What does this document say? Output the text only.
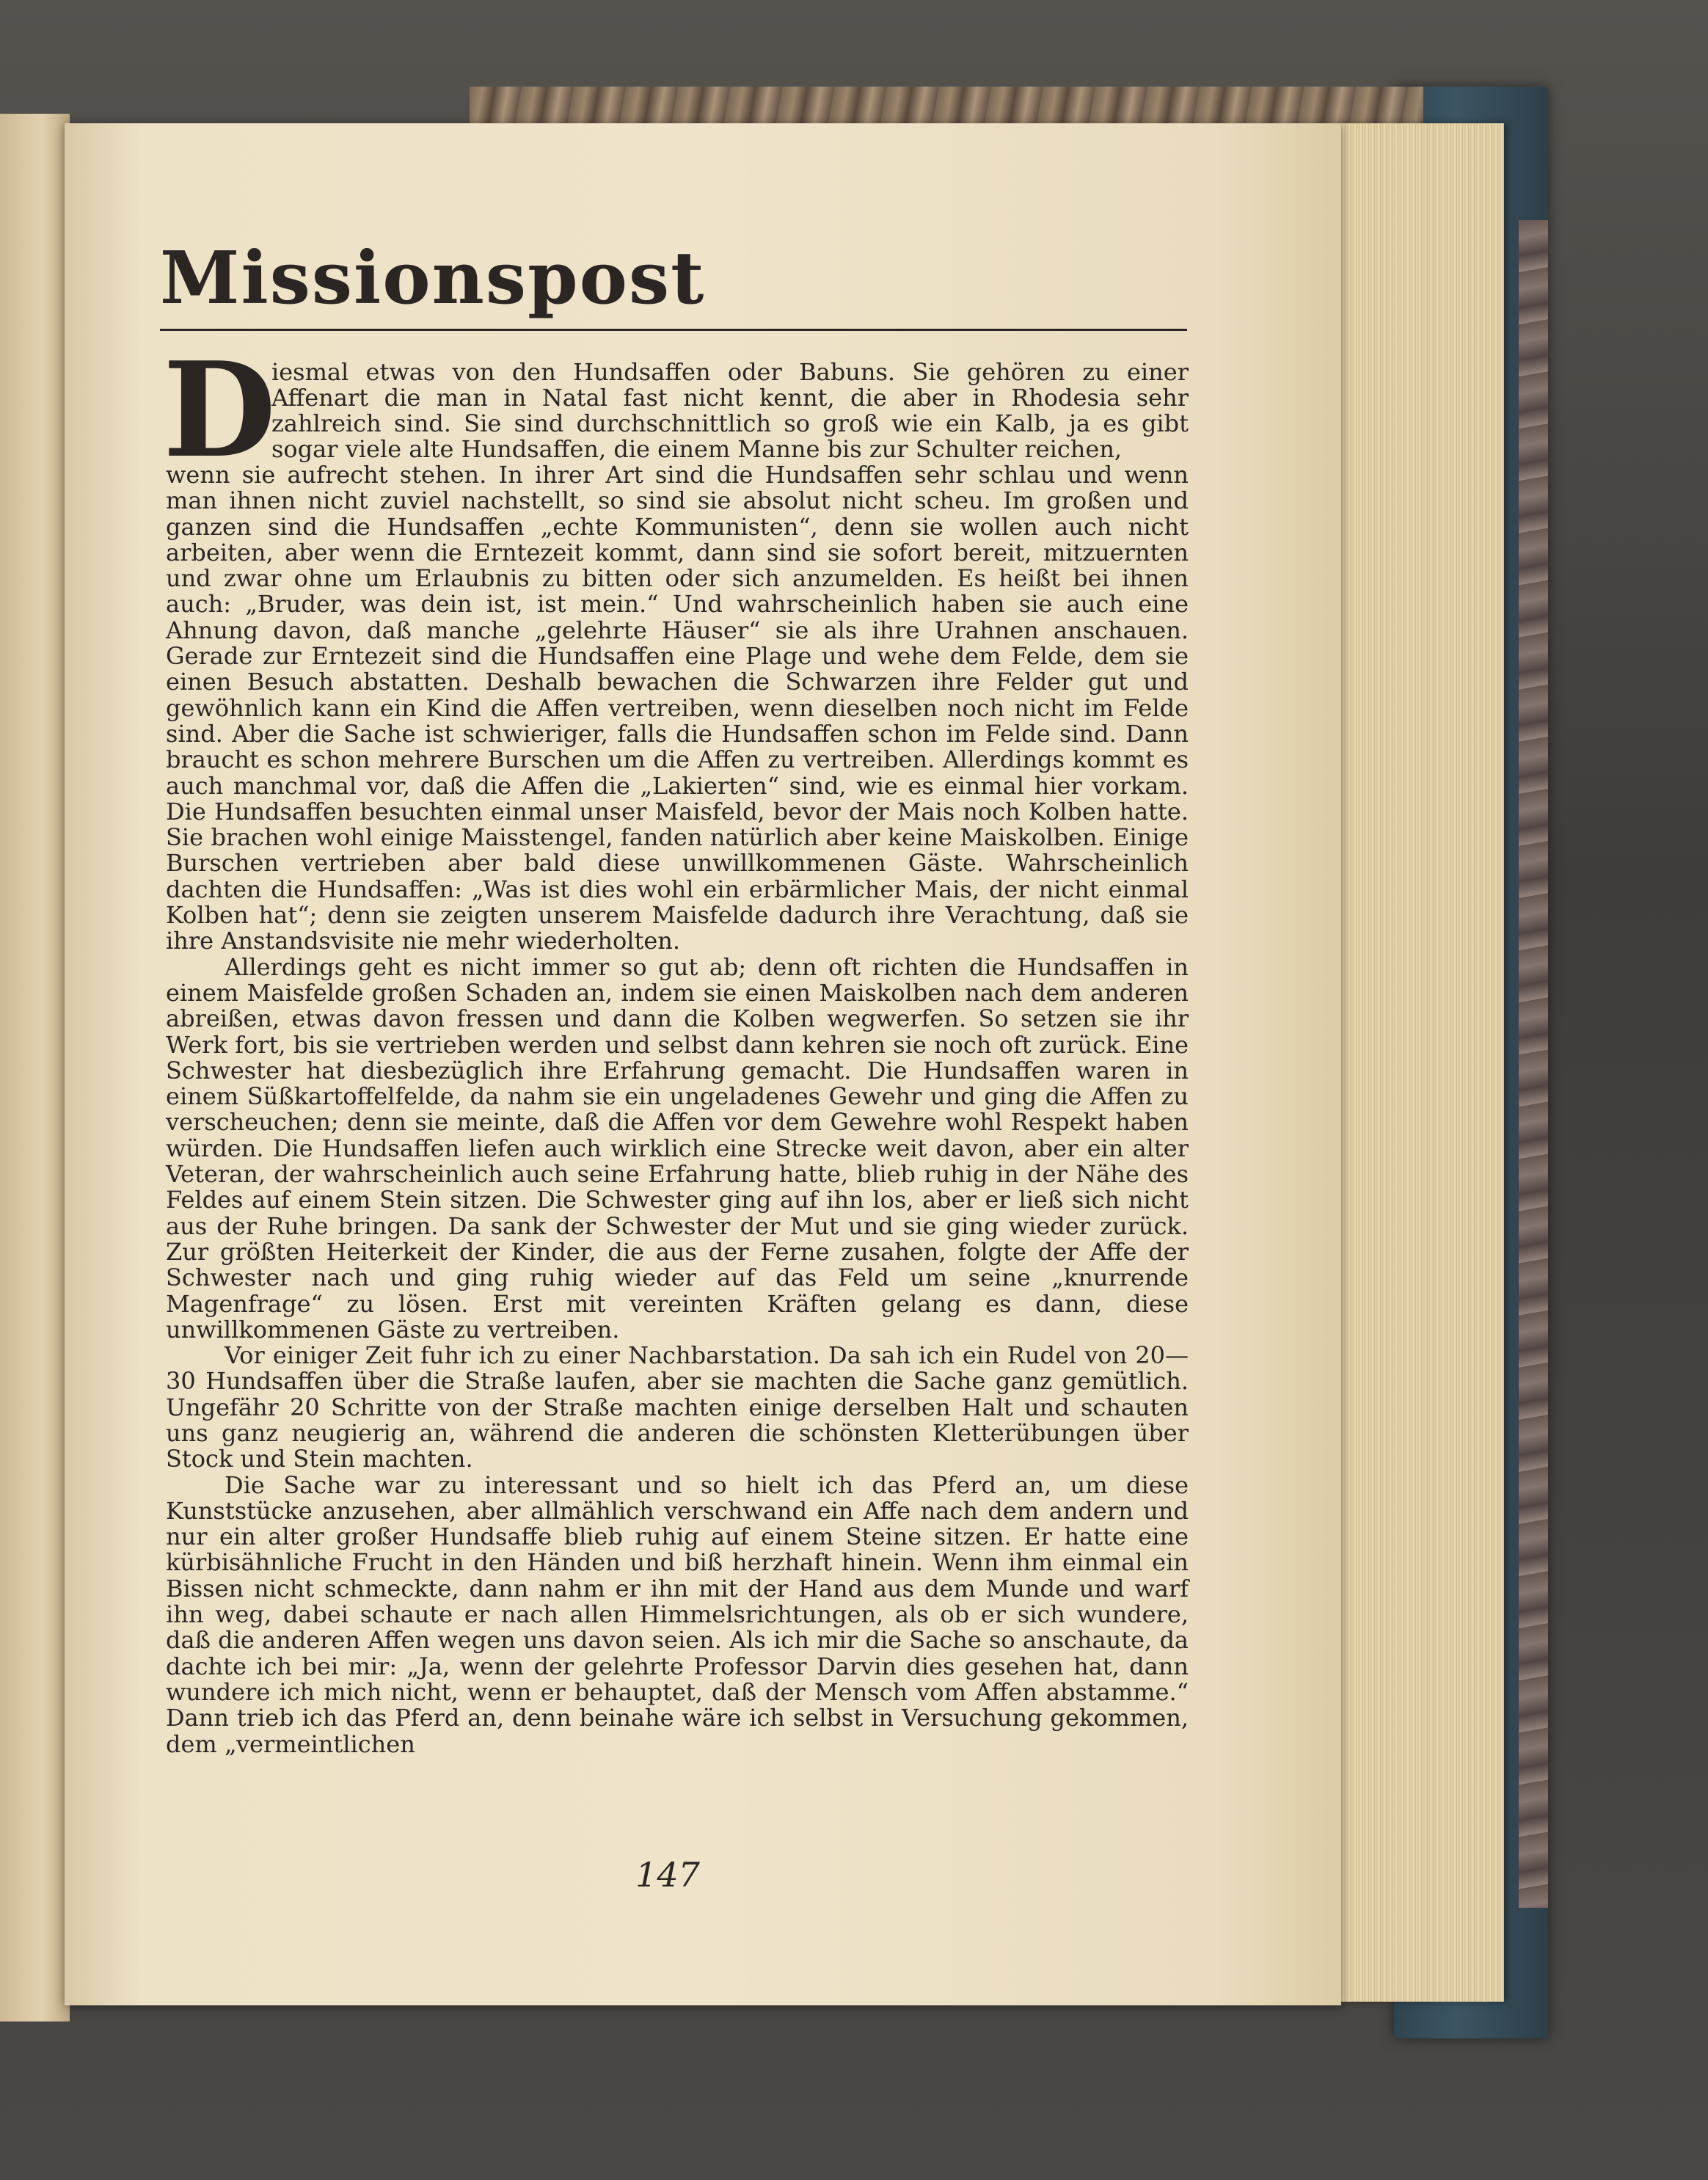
Missionspost
D
iesmal etwas von den Hundsaffen oder Babuns. Sie gehören zu einer Affenart die man in Natal fast nicht kennt, die aber in Rhodesia sehr zahlreich sind. Sie sind durchschnittlich so groß wie ein Kalb, ja es gibt sogar viele alte Hundsaffen, die einem Manne bis zur Schulter reichen,

wenn sie aufrecht stehen. In ihrer Art sind die Hundsaffen sehr schlau und wenn man ihnen nicht zuviel nachstellt, so sind sie absolut nicht scheu. Im großen und ganzen sind die Hundsaffen „echte Kommunisten“, denn sie wollen auch nicht arbeiten, aber wenn die Erntezeit kommt, dann sind sie sofort bereit, mitzuernten und zwar ohne um Erlaubnis zu bitten oder sich anzumelden. Es heißt bei ihnen auch: „Bruder, was dein ist, ist mein.“ Und wahrscheinlich haben sie auch eine Ahnung davon, daß manche „gelehrte Häuser“ sie als ihre Urahnen anschauen. Gerade zur Erntezeit sind die Hundsaffen eine Plage und wehe dem Felde, dem sie einen Besuch abstatten. Deshalb bewachen die Schwarzen ihre Felder gut und gewöhnlich kann ein Kind die Affen vertreiben, wenn dieselben noch nicht im Felde sind. Aber die Sache ist schwieriger, falls die Hundsaffen schon im Felde sind. Dann braucht es schon mehrere Burschen um die Affen zu vertreiben. Allerdings kommt es auch manchmal vor, daß die Affen die „Lakierten“ sind, wie es einmal hier vorkam. Die Hundsaffen besuchten einmal unser Maisfeld, bevor der Mais noch Kolben hatte. Sie brachen wohl einige Maisstengel, fanden natürlich aber keine Maiskolben. Einige Burschen vertrieben aber bald diese unwillkommenen Gäste. Wahrscheinlich dachten die Hundsaffen: „Was ist dies wohl ein erbärmlicher Mais, der nicht einmal Kolben hat“; denn sie zeigten unserem Maisfelde dadurch ihre Verachtung, daß sie ihre Anstandsvisite nie mehr wiederholten.

Allerdings geht es nicht immer so gut ab; denn oft richten die Hundsaffen in einem Maisfelde großen Schaden an, indem sie einen Maiskolben nach dem anderen abreißen, etwas davon fressen und dann die Kolben wegwerfen. So setzen sie ihr Werk fort, bis sie vertrieben werden und selbst dann kehren sie noch oft zurück. Eine Schwester hat diesbezüglich ihre Erfahrung gemacht. Die Hundsaffen waren in einem Süßkartoffelfelde, da nahm sie ein ungeladenes Gewehr und ging die Affen zu verscheuchen; denn sie meinte, daß die Affen vor dem Gewehre wohl Respekt haben würden. Die Hundsaffen liefen auch wirklich eine Strecke weit davon, aber ein alter Veteran, der wahrscheinlich auch seine Erfahrung hatte, blieb ruhig in der Nähe des Feldes auf einem Stein sitzen. Die Schwester ging auf ihn los, aber er ließ sich nicht aus der Ruhe bringen. Da sank der Schwester der Mut und sie ging wieder zurück. Zur größten Heiterkeit der Kinder, die aus der Ferne zusahen, folgte der Affe der Schwester nach und ging ruhig wieder auf das Feld um seine „knurrende Magenfrage“ zu lösen. Erst mit vereinten Kräften gelang es dann, diese unwillkommenen Gäste zu vertreiben.

Vor einiger Zeit fuhr ich zu einer Nachbarstation. Da sah ich ein Rudel von 20—30 Hundsaffen über die Straße laufen, aber sie machten die Sache ganz gemütlich. Ungefähr 20 Schritte von der Straße machten einige derselben Halt und schauten uns ganz neugierig an, während die anderen die schönsten Kletterübungen über Stock und Stein machten.

Die Sache war zu interessant und so hielt ich das Pferd an, um diese Kunststücke anzusehen, aber allmählich verschwand ein Affe nach dem andern und nur ein alter großer Hundsaffe blieb ruhig auf einem Steine sitzen. Er hatte eine kürbisähnliche Frucht in den Händen und biß herzhaft hinein. Wenn ihm einmal ein Bissen nicht schmeckte, dann nahm er ihn mit der Hand aus dem Munde und warf ihn weg, dabei schaute er nach allen Himmelsrichtungen, als ob er sich wundere, daß die anderen Affen wegen uns davon seien. Als ich mir die Sache so anschaute, da dachte ich bei mir: „Ja, wenn der gelehrte Professor Darvin dies gesehen hat, dann wundere ich mich nicht, wenn er behauptet, daß der Mensch vom Affen abstamme.“ Dann trieb ich das Pferd an, denn beinahe wäre ich selbst in Versuchung gekommen, dem „vermeintlichen

147
